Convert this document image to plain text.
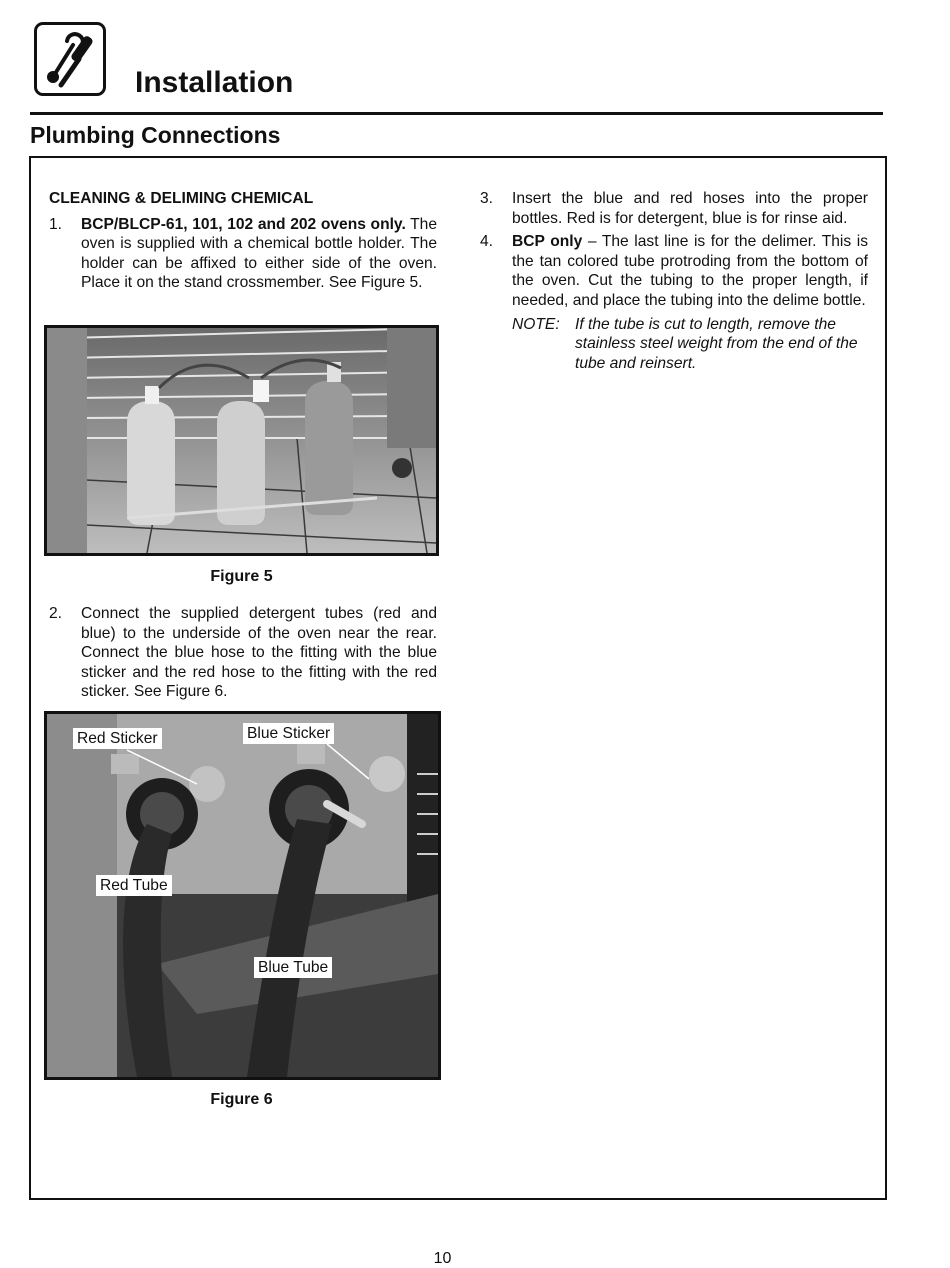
Installation
Plumbing Connections
CLEANING & DELIMING CHEMICAL
1.	BCP/BLCP-61, 101, 102 and 202 ovens only. The oven is supplied with a chemical bottle holder. The holder can be affixed to either side of the oven. Place it on the stand crossmember. See Figure 5.
Figure 5
2.	Connect the supplied detergent tubes (red and blue) to the underside of the oven near the rear. Connect the blue hose to the fitting with the blue sticker and the red hose to the fitting with the red sticker. See Figure 6.
Red Sticker	Blue Sticker
Red Tube
Blue Tube
Figure 6
3.	Insert the blue and red hoses into the proper bottles. Red is for detergent, blue is for rinse aid.
4.	BCP only – The last line is for the delimer. This is the tan colored tube protroding from the bottom of the oven. Cut the tubing to the proper length, if needed, and place the tubing into the delime bottle.
NOTE: If the tube is cut to length, remove the stainless steel weight from the end of the tube and reinsert.
10
